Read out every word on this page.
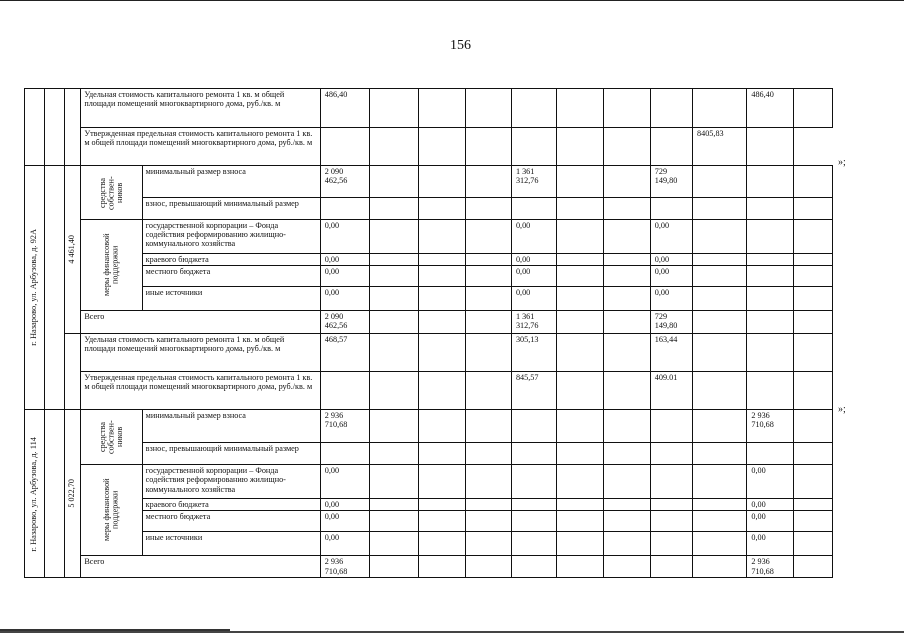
156
»;
»;
			Удельная стоимость капитального ремонта 1 кв. м общей площади помещений многоквартирного дома, руб./кв. м		486,40									486,40	
			Утвержденная предельная стоимость капитального ремонта 1 кв. м общей площади помещений многоквартирного дома, руб./кв. м										8405,83		

г. Назарово, ул. Арбузова, д. 92А		4 461,40	средства собствен-ников	минимальный размер взноса	2 090 462,56				1 361 312,76			729 149,80			
				взнос, превышающий минимальный размер											

			меры финансовой поддержки	государственной корпорации – Фонда содействия реформированию жилищно-коммунального хозяйства	0,00				0,00			0,00			
				краевого бюджета	0,00				0,00			0,00			
				местного бюджета	0,00				0,00			0,00			
				иные источники	0,00				0,00			0,00			
			Всего		2 090 462,56				1 361 312,76			729 149,80			
			Удельная стоимость капитального ремонта 1 кв. м общей площади помещений многоквартирного дома, руб./кв. м		468,57				305,13			163,44			
			Утвержденная предельная стоимость капитального ремонта 1 кв. м общей площади помещений многоквартирного дома, руб./кв. м						845,57			409.01			

г. Назарово, ул. Арбузова, д. 114		5 022,70	средства собствен-ников	минимальный размер взноса	2 936 710,68									2 936 710,68	
				взнос, превышающий минимальный размер											

			меры финансовой поддержки	государственной корпорации – Фонда содействия реформированию жилищно-коммунального хозяйства	0,00									0,00	
				краевого бюджета	0,00									0,00	
				местного бюджета	0,00									0,00	
				иные источники	0,00									0,00	
			Всего		2 936 710,68									2 936 710,68	
